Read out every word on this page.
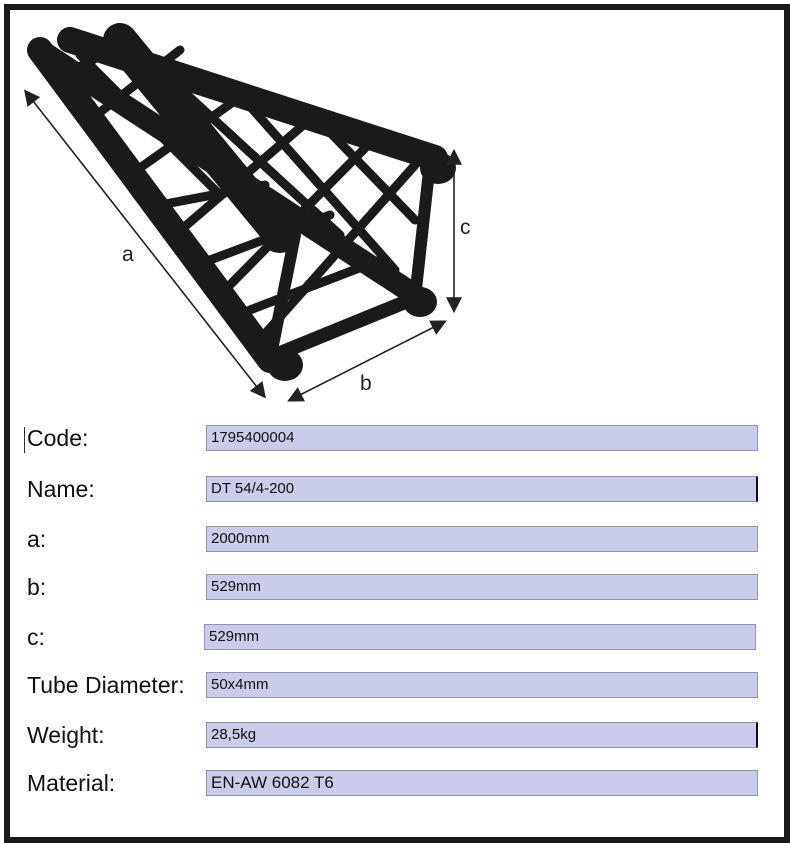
a
b
c
Code:	1795400004
Name:	DT 54/4-200
a:	2000mm
b:	529mm
c:	529mm
Tube Diameter:	50x4mm
Weight:	28,5kg
Material:	EN-AW 6082 T6
